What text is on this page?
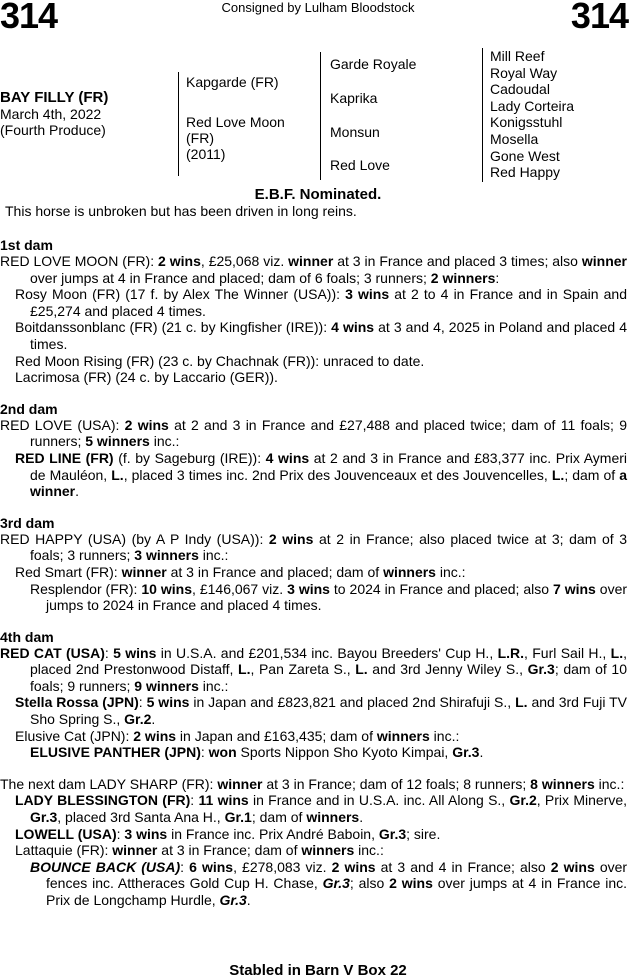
314	Consigned by Lulham Bloodstock	314
BAY FILLY (FR)
March 4th, 2022
(Fourth Produce)
Kapgarde (FR)
Red Love Moon
(FR)
(2011)
Garde Royale
Kaprika
Monsun
Red Love
Mill Reef
Royal Way
Cadoudal
Lady Corteira
Konigsstuhl
Mosella
Gone West
Red Happy
E.B.F. Nominated.
This horse is unbroken but has been driven in long reins.
1st dam
RED LOVE MOON (FR): 2 wins, £25,068 viz. winner at 3 in France and placed 3 times; also winner over jumps at 4 in France and placed; dam of 6 foals; 3 runners; 2 winners:
Rosy Moon (FR) (17 f. by Alex The Winner (USA)): 3 wins at 2 to 4 in France and in Spain and £25,274 and placed 4 times.
Boitdanssonblanc (FR) (21 c. by Kingfisher (IRE)): 4 wins at 3 and 4, 2025 in Poland and placed 4 times.
Red Moon Rising (FR) (23 c. by Chachnak (FR)): unraced to date.
Lacrimosa (FR) (24 c. by Laccario (GER)).
2nd dam
RED LOVE (USA): 2 wins at 2 and 3 in France and £27,488 and placed twice; dam of 11 foals; 9 runners; 5 winners inc.:
RED LINE (FR) (f. by Sageburg (IRE)): 4 wins at 2 and 3 in France and £83,377 inc. Prix Aymeri de Mauléon, L., placed 3 times inc. 2nd Prix des Jouvenceaux et des Jouvencelles, L.; dam of a winner.
3rd dam
RED HAPPY (USA) (by A P Indy (USA)): 2 wins at 2 in France; also placed twice at 3; dam of 3 foals; 3 runners; 3 winners inc.:
Red Smart (FR): winner at 3 in France and placed; dam of winners inc.:
Resplendor (FR): 10 wins, £146,067 viz. 3 wins to 2024 in France and placed; also 7 wins over jumps to 2024 in France and placed 4 times.
4th dam
RED CAT (USA): 5 wins in U.S.A. and £201,534 inc. Bayou Breeders' Cup H., L.R., Furl Sail H., L., placed 2nd Prestonwood Distaff, L., Pan Zareta S., L. and 3rd Jenny Wiley S., Gr.3; dam of 10 foals; 9 runners; 9 winners inc.:
Stella Rossa (JPN): 5 wins in Japan and £823,821 and placed 2nd Shirafuji S., L. and 3rd Fuji TV Sho Spring S., Gr.2.
Elusive Cat (JPN): 2 wins in Japan and £163,435; dam of winners inc.:
ELUSIVE PANTHER (JPN): won Sports Nippon Sho Kyoto Kimpai, Gr.3.
The next dam LADY SHARP (FR): winner at 3 in France; dam of 12 foals; 8 runners; 8 winners inc.:
LADY BLESSINGTON (FR): 11 wins in France and in U.S.A. inc. All Along S., Gr.2, Prix Minerve, Gr.3, placed 3rd Santa Ana H., Gr.1; dam of winners.
LOWELL (USA): 3 wins in France inc. Prix André Baboin, Gr.3; sire.
Lattaquie (FR): winner at 3 in France; dam of winners inc.:
BOUNCE BACK (USA): 6 wins, £278,083 viz. 2 wins at 3 and 4 in France; also 2 wins over fences inc. Attheraces Gold Cup H. Chase, Gr.3; also 2 wins over jumps at 4 in France inc. Prix de Longchamp Hurdle, Gr.3.
Stabled in Barn V Box 22
